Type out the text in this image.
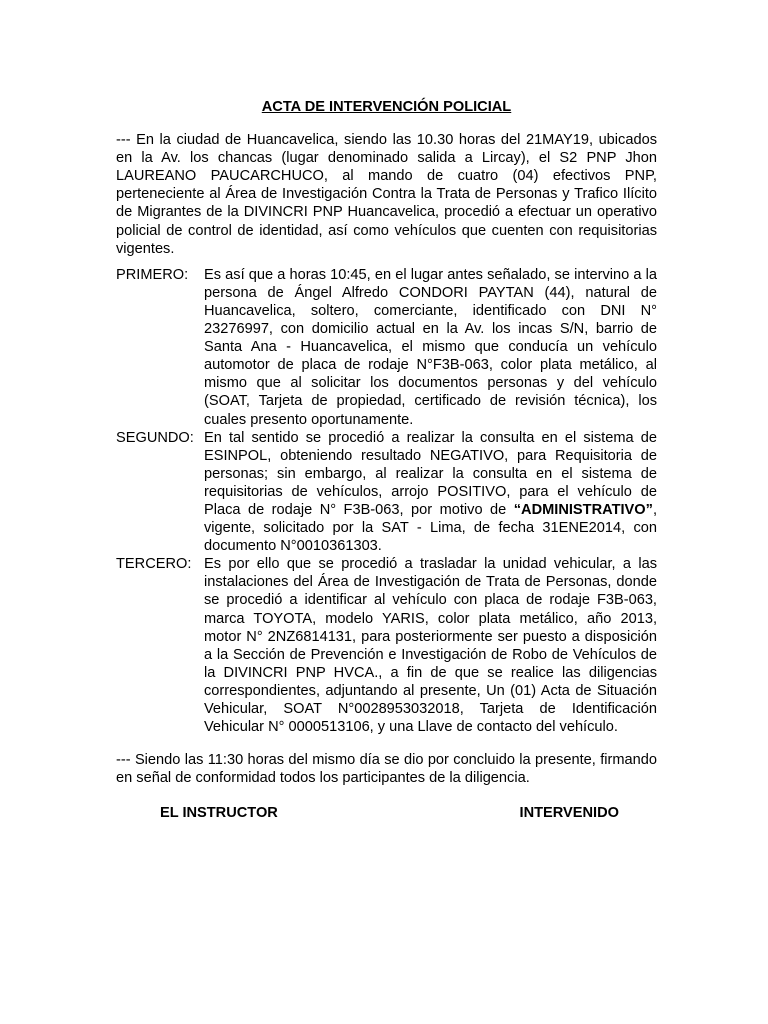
ACTA DE INTERVENCIÓN POLICIAL

--- En la ciudad de Huancavelica, siendo las 10.30 horas del 21MAY19, ubicados en la Av. los chancas (lugar denominado salida a Lircay), el S2 PNP Jhon LAUREANO PAUCARCHUCO, al mando de cuatro (04) efectivos PNP, perteneciente al Área de Investigación Contra la Trata de Personas y Trafico Ilícito de Migrantes de la DIVINCRI PNP Huancavelica, procedió a efectuar un operativo policial de control de identidad, así como vehículos que cuenten con requisitorias vigentes.

PRIMERO:	Es así que a horas 10:45, en el lugar antes señalado, se intervino a la persona de Ángel Alfredo CONDORI PAYTAN (44), natural de Huancavelica, soltero, comerciante, identificado con DNI N° 23276997, con domicilio actual en la Av. los incas S/N, barrio de Santa Ana - Huancavelica, el mismo que conducía un vehículo automotor de placa de rodaje N°F3B-063, color plata metálico, al mismo que al solicitar los documentos personas y del vehículo (SOAT, Tarjeta de propiedad, certificado de revisión técnica), los cuales presento oportunamente.
SEGUNDO: En tal sentido se procedió a realizar la consulta en el sistema de ESINPOL, obteniendo resultado NEGATIVO, para Requisitoria de personas; sin embargo, al realizar la consulta en el sistema de requisitorias de vehículos, arrojo POSITIVO, para el vehículo de Placa de rodaje N° F3B-063, por motivo de “ADMINISTRATIVO”, vigente, solicitado por la SAT - Lima, de fecha 31ENE2014, con documento N°0010361303.
TERCERO: Es por ello que se procedió a trasladar la unidad vehicular, a las instalaciones del Área de Investigación de Trata de Personas, donde se procedió a identificar al vehículo con placa de rodaje F3B-063, marca TOYOTA, modelo YARIS, color plata metálico, año 2013, motor N° 2NZ6814131, para posteriormente ser puesto a disposición a la Sección de Prevención e Investigación de Robo de Vehículos de la DIVINCRI PNP HVCA., a fin de que se realice las diligencias correspondientes, adjuntando al presente, Un (01) Acta de Situación Vehicular, SOAT N°0028953032018, Tarjeta de Identificación Vehicular N° 0000513106, y una Llave de contacto del vehículo.

--- Siendo las 11:30 horas del mismo día se dio por concluido la presente, firmando en señal de conformidad todos los participantes de la diligencia.

EL INSTRUCTOR	INTERVENIDO
